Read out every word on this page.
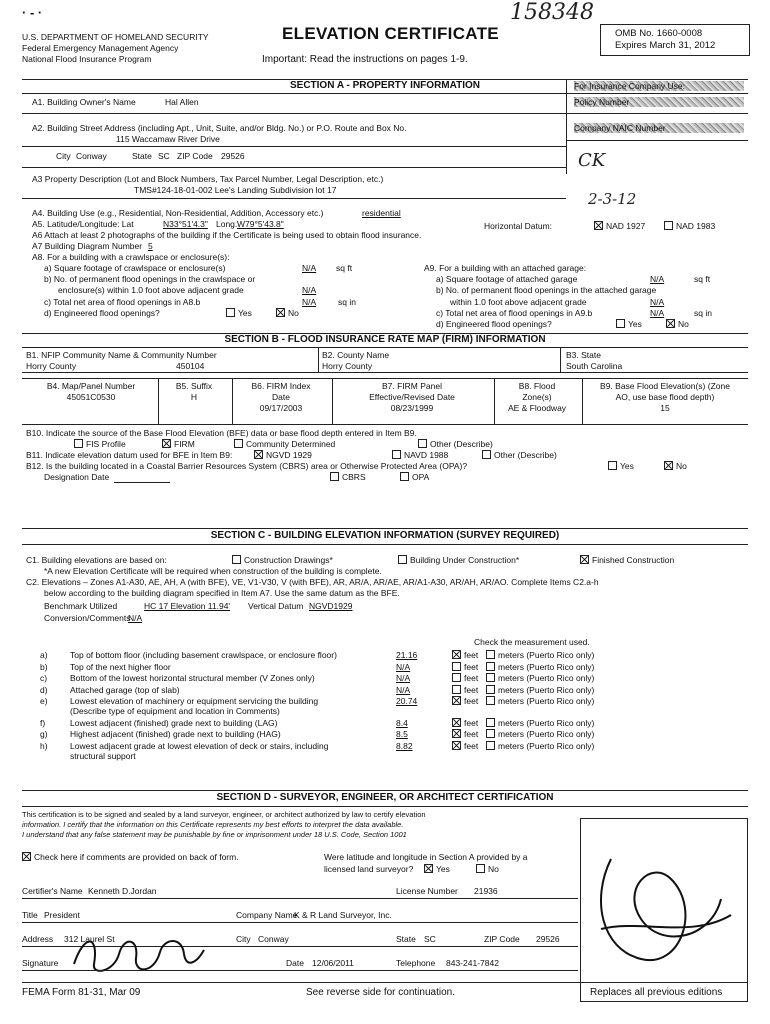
· - ·
U.S. DEPARTMENT OF HOMELAND SECURITY
Federal Emergency Management Agency
National Flood Insurance Program
ELEVATION CERTIFICATE
Important: Read the instructions on pages 1-9.
158348
OMB No. 1660-0008
Expires March 31, 2012
SECTION A - PROPERTY INFORMATION	For Insurance Company Use:
Policy Number
Company NAIC Number
A1. Building Owner's Name	Hal Allen
A2. Building Street Address (including Apt., Unit, Suite, and/or Bldg. No.) or P.O. Route and Box No.
115 Waccamaw River Drive
City Conway	State SC ZIP Code 29526	CK
A3 Property Description (Lot and Block Numbers, Tax Parcel Number, Legal Description, etc.)
TMS#124-18-01-002 Lee's Landing Subdivision lot 17	2-3-12
A4. Building Use (e.g., Residential, Non-Residential, Addition, Accessory etc.)	residential
A5. Latitude/Longitude: Lat	N33°51'4.3" Long. W79°5'43.8"	Horizontal Datum:	NAD 1927	NAD 1983
A6 Attach at least 2 photographs of the building if the Certificate is being used to obtain flood insurance.
A7 Building Diagram Number 5
A8. For a building with a crawlspace or enclosure(s):
a) Square footage of crawlspace or enclosure(s)	N/A sq ft
b) No. of permanent flood openings in the crawlspace or
enclosure(s) within 1.0 foot above adjacent grade	N/A
c) Total net area of flood openings in A8.b	N/A	sq in
d) Engineered flood openings?	Yes	No
A9. For a building with an attached garage:
a) Square footage of attached garage	N/A	sq ft
b) No. of permanent flood openings in the attached garage
within 1.0 foot above adjacent grade	N/A
c) Total net area of flood openings in A9.b	N/A	sq in
d) Engineered flood openings?	Yes	No
SECTION B - FLOOD INSURANCE RATE MAP (FIRM) INFORMATION
B1. NFIP Community Name & Community Number
Horry County	450104
B2. County Name
Horry County
B3. State
South Carolina
B4. Map/Panel Number
45051C0530
B5. Suffix
H
B6. FIRM Index
Date
09/17/2003
B7. FIRM Panel
Effective/Revised Date
08/23/1999
B8. Flood
Zone(s)
AE & Floodway
B9. Base Flood Elevation(s) (Zone
AO, use base flood depth)
15
B10. Indicate the source of the Base Flood Elevation (BFE) data or base flood depth entered in Item B9.
FIS Profile	FIRM	Community Determined	Other (Describe)
B11. Indicate elevation datum used for BFE in Item B9:	NGVD 1929	NAVD 1988	Other (Describe)
B12. Is the building located in a Coastal Barrier Resources System (CBRS) area or Otherwise Protected Area (OPA)?	Yes	No
Designation Date	CBRS	OPA
SECTION C - BUILDING ELEVATION INFORMATION (SURVEY REQUIRED)
C1. Building elevations are based on:	Construction Drawings*	Building Under Construction*	Finished Construction
*A new Elevation Certificate will be required when construction of the building is complete.
C2. Elevations – Zones A1-A30, AE, AH, A (with BFE), VE, V1-V30, V (with BFE), AR, AR/A, AR/AE, AR/A1-A30, AR/AH, AR/AO. Complete Items C2.a-h
below according to the building diagram specified in Item A7. Use the same datum as the BFE.
Benchmark Utilized	HC 17 Elevation 11.94' Vertical Datum NGVD1929
Conversion/Comments
N/A
Check the measurement used.
a)	Top of bottom floor (including basement crawlspace, or enclosure floor)	21.16	feet	meters (Puerto Rico only)
b)	Top of the next higher floor	N/A	feet	meters (Puerto Rico only)
c)	Bottom of the lowest horizontal structural member (V Zones only)	N/A	feet	meters (Puerto Rico only)
d)	Attached garage (top of slab)	N/A	feet	meters (Puerto Rico only)
e)	Lowest elevation of machinery or equipment servicing the building
(Describe type of equipment and location in Comments)
20.74	feet	meters (Puerto Rico only)
f)	Lowest adjacent (finished) grade next to building (LAG)	8.4	feet	meters (Puerto Rico only)
g)	Highest adjacent (finished) grade next to building (HAG)	8.5	feet	meters (Puerto Rico only)
h)	Lowest adjacent grade at lowest elevation of deck or stairs, including
structural support
8.82	feet	meters (Puerto Rico only)
SECTION D - SURVEYOR, ENGINEER, OR ARCHITECT CERTIFICATION
This certification is to be signed and sealed by a land surveyor, engineer, or architect authorized by law to certify elevation
information. I certify that the information on this Certificate represents my best efforts to interpret the data available.
I understand that any false statement may be punishable by fine or imprisonment under 18 U.S. Code, Section 1001
Check here if comments are provided on back of form.	Were latitude and longitude in Section A provided by a
licensed land surveyor?	Yes	No
Certifier's Name Kenneth D.Jordan	License Number 21936
Title President	Company Name
K & R Land Surveyor, Inc.
Address 312 Laurel St	City Conway	State SC	ZIP Code 29526
Signature	Date 12/06/2011	Telephone 843-241-7842
FEMA Form 81-31, Mar 09	See reverse side for continuation.	Replaces all previous editions
